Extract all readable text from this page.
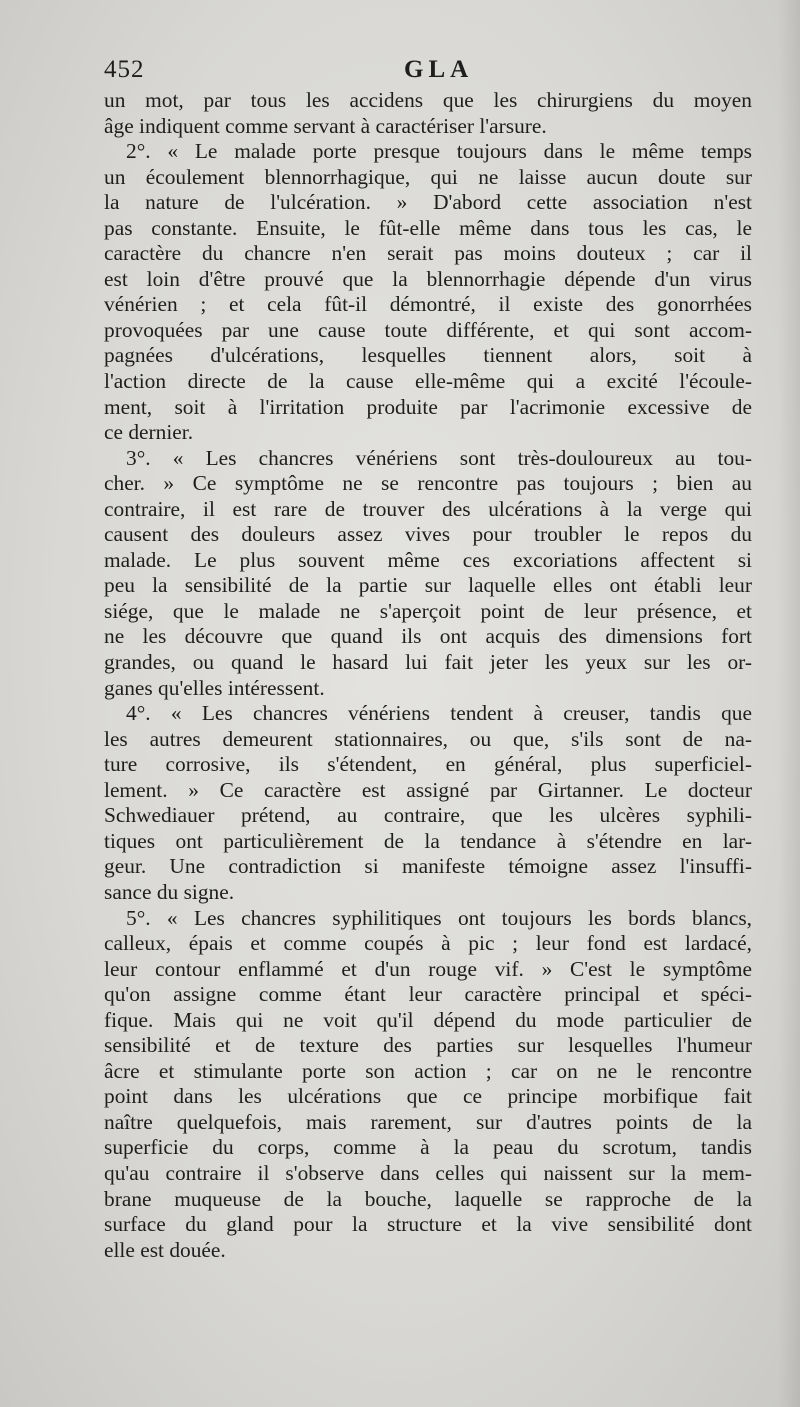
452	GLA
un mot, par tous les accidens que les chirurgiens du moyen
âge indiquent comme servant à caractériser l'arsure.
2°. « Le malade porte presque toujours dans le même temps
un écoulement blennorrhagique, qui ne laisse aucun doute sur
la nature de l'ulcération. » D'abord cette association n'est
pas constante. Ensuite, le fût-elle même dans tous les cas, le
caractère du chancre n'en serait pas moins douteux ; car il
est loin d'être prouvé que la blennorrhagie dépende d'un virus
vénérien ; et cela fût-il démontré, il existe des gonorrhées
provoquées par une cause toute différente, et qui sont accom-
pagnées d'ulcérations, lesquelles tiennent alors, soit à
l'action directe de la cause elle-même qui a excité l'écoule-
ment, soit à l'irritation produite par l'acrimonie excessive de
ce dernier.
3°. « Les chancres vénériens sont très-douloureux au tou-
cher. » Ce symptôme ne se rencontre pas toujours ; bien au
contraire, il est rare de trouver des ulcérations à la verge qui
causent des douleurs assez vives pour troubler le repos du
malade. Le plus souvent même ces excoriations affectent si
peu la sensibilité de la partie sur laquelle elles ont établi leur
siége, que le malade ne s'aperçoit point de leur présence, et
ne les découvre que quand ils ont acquis des dimensions fort
grandes, ou quand le hasard lui fait jeter les yeux sur les or-
ganes qu'elles intéressent.
4°. « Les chancres vénériens tendent à creuser, tandis que
les autres demeurent stationnaires, ou que, s'ils sont de na-
ture corrosive, ils s'étendent, en général, plus superficiel-
lement. » Ce caractère est assigné par Girtanner. Le docteur
Schwediauer prétend, au contraire, que les ulcères syphili-
tiques ont particulièrement de la tendance à s'étendre en lar-
geur. Une contradiction si manifeste témoigne assez l'insuffi-
sance du signe.
5°. « Les chancres syphilitiques ont toujours les bords blancs,
calleux, épais et comme coupés à pic ; leur fond est lardacé,
leur contour enflammé et d'un rouge vif. » C'est le symptôme
qu'on assigne comme étant leur caractère principal et spéci-
fique. Mais qui ne voit qu'il dépend du mode particulier de
sensibilité et de texture des parties sur lesquelles l'humeur
âcre et stimulante porte son action ; car on ne le rencontre
point dans les ulcérations que ce principe morbifique fait
naître quelquefois, mais rarement, sur d'autres points de la
superficie du corps, comme à la peau du scrotum, tandis
qu'au contraire il s'observe dans celles qui naissent sur la mem-
brane muqueuse de la bouche, laquelle se rapproche de la
surface du gland pour la structure et la vive sensibilité dont
elle est douée.
